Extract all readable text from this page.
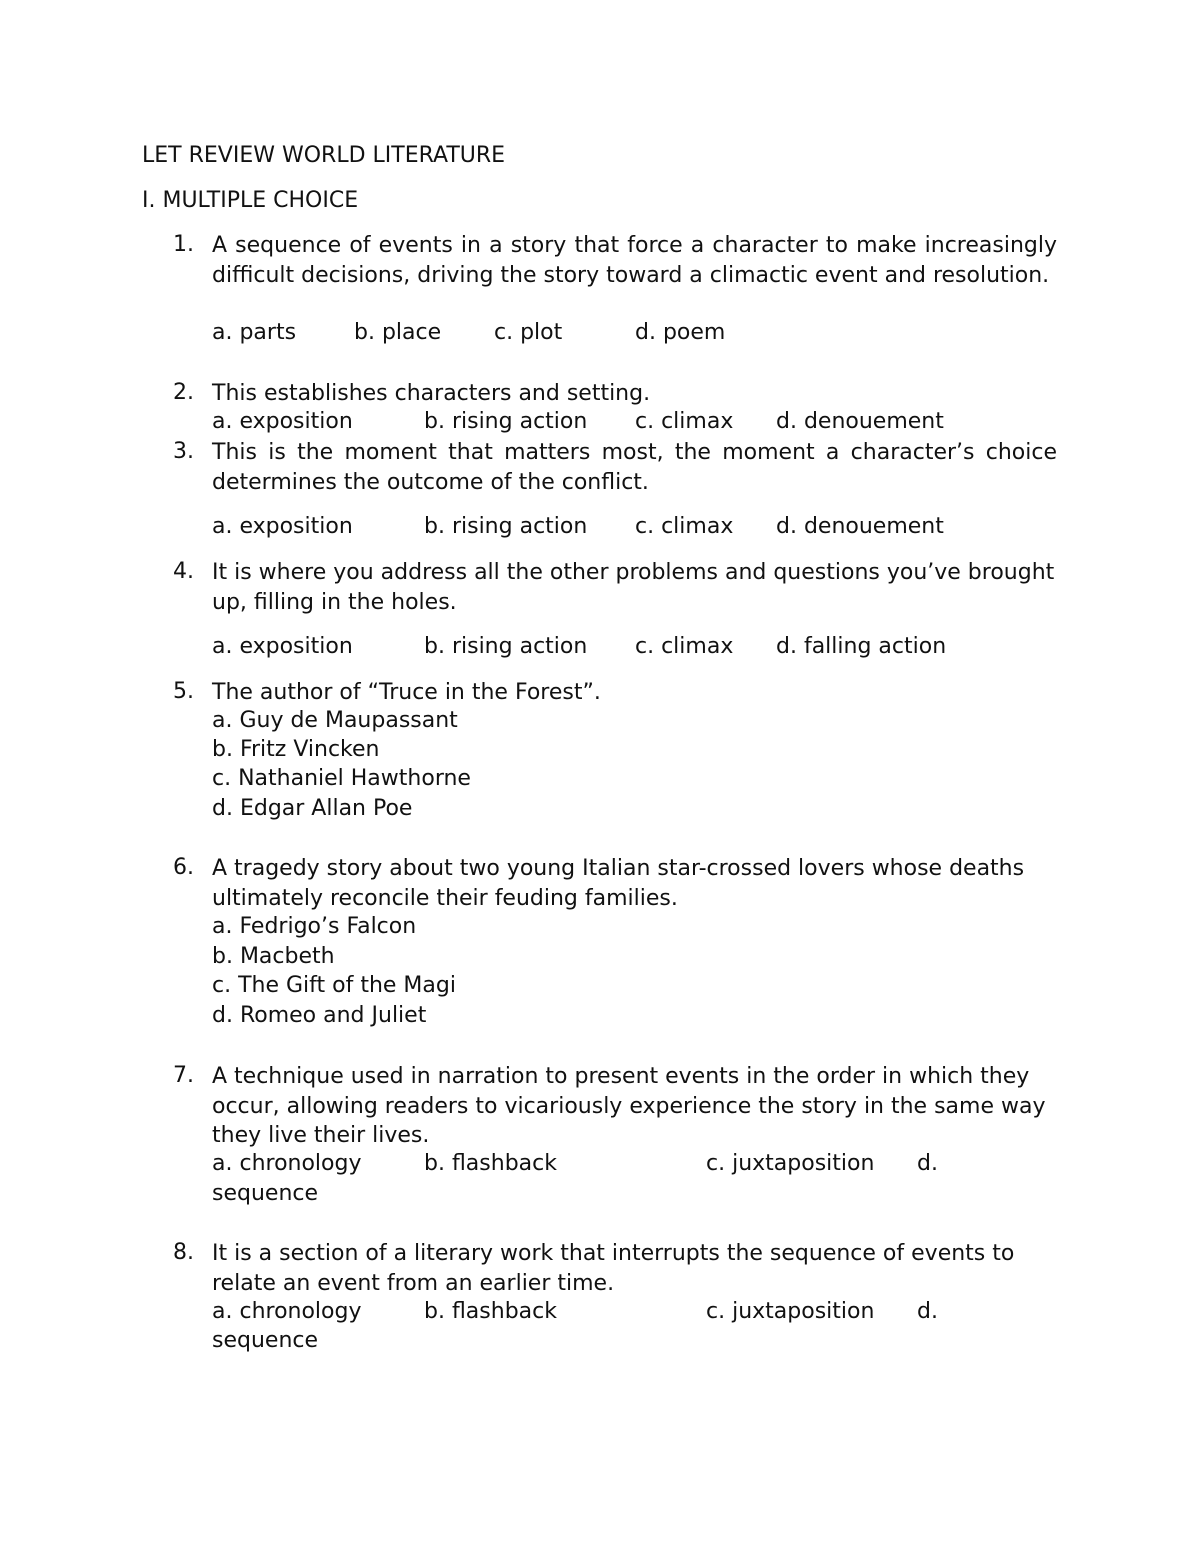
LET REVIEW WORLD LITERATURE

I. MULTIPLE CHOICE

1. A sequence of events in a story that force a character to make increasingly difficult decisions, driving the story toward a climactic event and resolution.
a. parts	b. place c. plot	d. poem
2. This establishes characters and setting.
a. exposition	b. rising action c. climax d. denouement
3. This is the moment that matters most, the moment a character’s choice determines the outcome of the conflict.
a. exposition	b. rising action c. climax d. denouement
4. It is where you address all the other problems and questions you’ve brought up, filling in the holes.
a. exposition	b. rising action c. climax d. falling action
5. The author of “Truce in the Forest”.
a. Guy de Maupassant
b. Fritz Vincken
c. Nathaniel Hawthorne
d. Edgar Allan Poe
6. A tragedy story about two young Italian star-crossed lovers whose deaths ultimately reconcile their feuding families.
a. Fedrigo’s Falcon
b. Macbeth
c. The Gift of the Magi
d. Romeo and Juliet
7. A technique used in narration to present events in the order in which they occur, allowing readers to vicariously experience the story in the same way they live their lives.
a. chronology	b. flashback	c. juxtaposition d.
sequence
8. It is a section of a literary work that interrupts the sequence of events to relate an event from an earlier time.
a. chronology	b. flashback	c. juxtaposition d.
sequence
